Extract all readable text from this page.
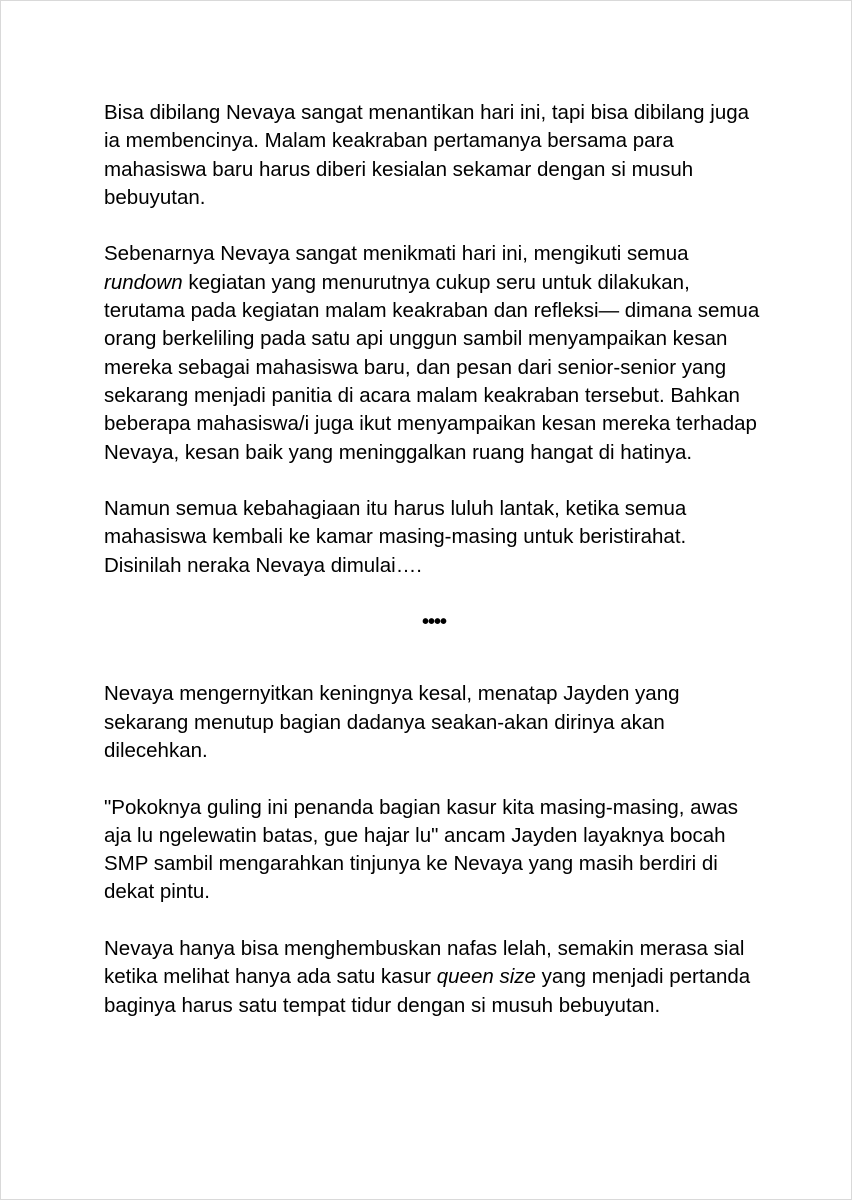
Bisa dibilang Nevaya sangat menantikan hari ini, tapi bisa dibilang juga ia membencinya. Malam keakraban pertamanya bersama para mahasiswa baru harus diberi kesialan sekamar dengan si musuh bebuyutan.

Sebenarnya Nevaya sangat menikmati hari ini, mengikuti semua rundown kegiatan yang menurutnya cukup seru untuk dilakukan, terutama pada kegiatan malam keakraban dan refleksi— dimana semua orang berkeliling pada satu api unggun sambil menyampaikan kesan mereka sebagai mahasiswa baru, dan pesan dari senior-senior yang sekarang menjadi panitia di acara malam keakraban tersebut. Bahkan beberapa mahasiswa/i juga ikut menyampaikan kesan mereka terhadap Nevaya, kesan baik yang meninggalkan ruang hangat di hatinya.

Namun semua kebahagiaan itu harus luluh lantak, ketika semua mahasiswa kembali ke kamar masing-masing untuk beristirahat. Disinilah neraka Nevaya dimulai….

••••

Nevaya mengernyitkan keningnya kesal, menatap Jayden yang sekarang menutup bagian dadanya seakan-akan dirinya akan dilecehkan.

"Pokoknya guling ini penanda bagian kasur kita masing-masing, awas aja lu ngelewatin batas, gue hajar lu" ancam Jayden layaknya bocah SMP sambil mengarahkan tinjunya ke Nevaya yang masih berdiri di dekat pintu.

Nevaya hanya bisa menghembuskan nafas lelah, semakin merasa sial ketika melihat hanya ada satu kasur queen size yang menjadi pertanda baginya harus satu tempat tidur dengan si musuh bebuyutan.
